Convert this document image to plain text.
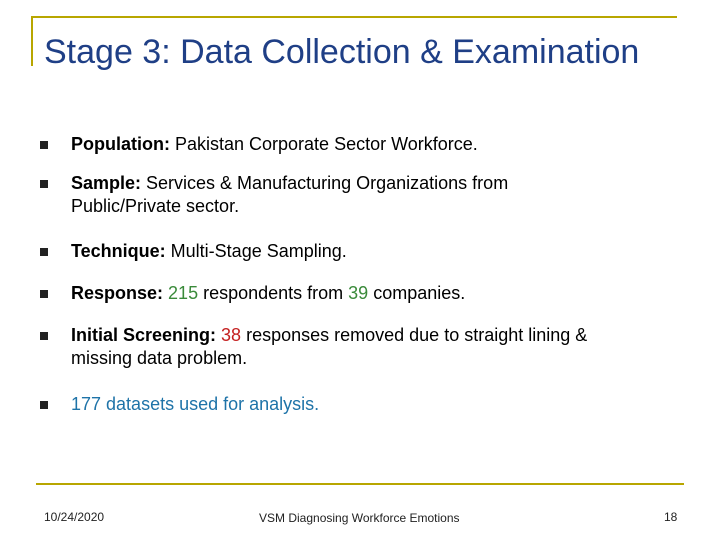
Stage 3: Data Collection & Examination
Population: Pakistan Corporate Sector Workforce.
Sample: Services & Manufacturing Organizations from
Public/Private sector.
Technique: Multi-Stage Sampling.
Response: 215 respondents from 39 companies.
Initial Screening: 38 responses removed due to straight lining &
missing data problem.
177 datasets used for analysis.
10/24/2020	VSM Diagnosing Workforce Emotions	18
